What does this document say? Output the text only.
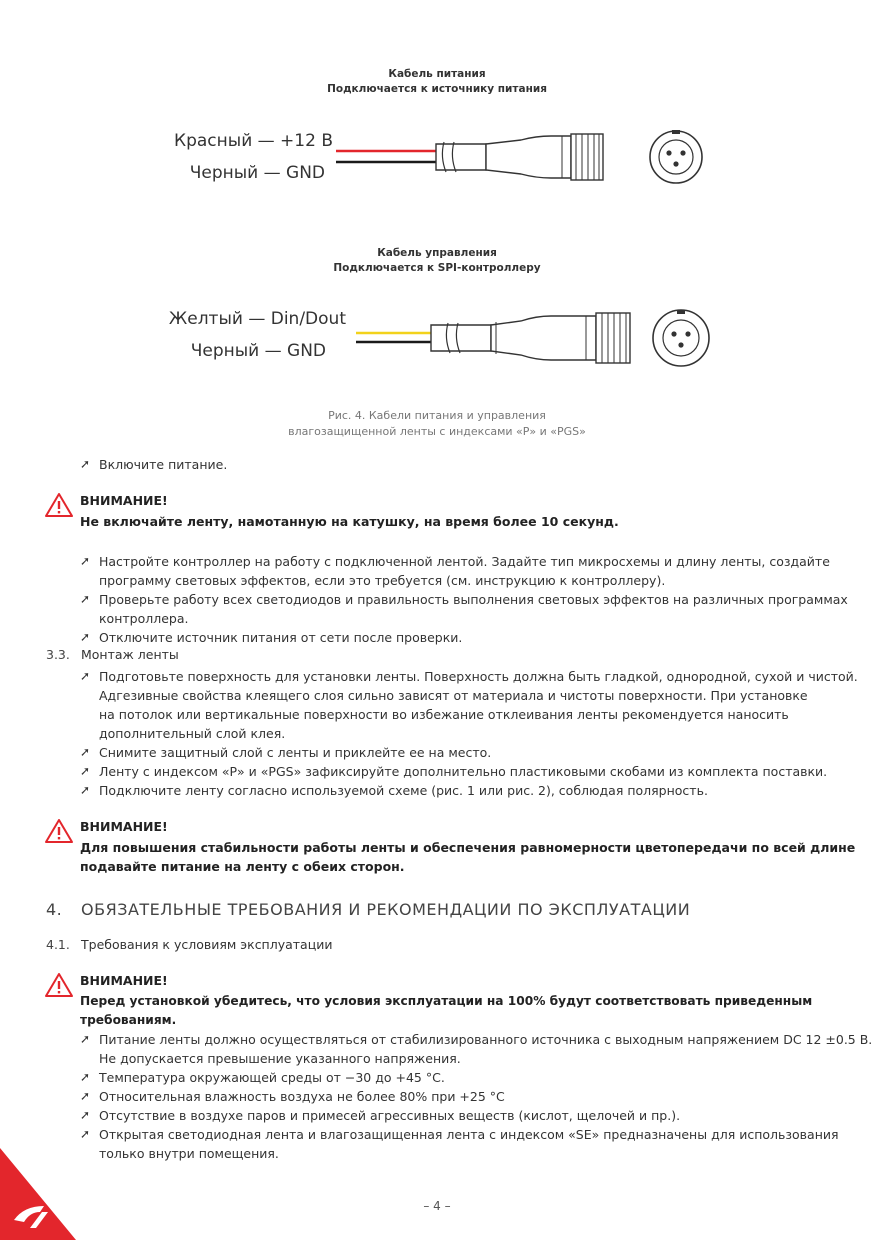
Кабель питания
Подключается к источнику питания
Красный — +12 В
Черный — GND
Кабель управления
Подключается к SPI-контроллеру
Желтый — Din/Dout
Черный — GND
Рис. 4. Кабели питания и управления
влагозащищенной ленты с индексами «P» и «PGS»
➚ Включите питание.
ВНИМАНИЕ!
Не включайте ленту, намотанную на катушку, на время более 10 секунд.
➚ Настройте контроллер на работу с подключенной лентой. Задайте тип микросхемы и длину ленты, создайте
программу световых эффектов, если это требуется (см. инструкцию к контроллеру).
➚ Проверьте работу всех светодиодов и правильность выполнения световых эффектов на различных программах
контроллера.
➚ Отключите источник питания от сети после проверки.
3.3. Монтаж ленты
➚ Подготовьте поверхность для установки ленты. Поверхность должна быть гладкой, однородной, сухой и чистой.
Адгезивные свойства клеящего слоя сильно зависят от материала и чистоты поверхности. При установке
на потолок или вертикальные поверхности во избежание отклеивания ленты рекомендуется наносить
дополнительный слой клея.
➚ Снимите защитный слой с ленты и приклейте ее на место.
➚ Ленту с индексом «P» и «PGS» зафиксируйте дополнительно пластиковыми скобами из комплекта поставки.
➚ Подключите ленту согласно используемой схеме (рис. 1 или рис. 2), соблюдая полярность.
ВНИМАНИЕ!
Для повышения стабильности работы ленты и обеспечения равномерности цветопередачи по всей длине
подавайте питание на ленту с обеих сторон.
4. ОБЯЗАТЕЛЬНЫЕ ТРЕБОВАНИЯ И РЕКОМЕНДАЦИИ ПО ЭКСПЛУАТАЦИИ
4.1. Требования к условиям эксплуатации
ВНИМАНИЕ!
Перед установкой убедитесь, что условия эксплуатации на 100% будут соответствовать приведенным требованиям.
➚ Питание ленты должно осуществляться от стабилизированного источника с выходным напряжением DC 12 ±0.5 В.
Не допускается превышение указанного напряжения.
➚ Температура окружающей среды от −30 до +45 °C.
➚ Относительная влажность воздуха не более 80% при +25 °C
➚ Отсутствие в воздухе паров и примесей агрессивных веществ (кислот, щелочей и пр.).
➚ Открытая светодиодная лента и влагозащищенная лента с индексом «SE» предназначены для использования
только внутри помещения.
– 4 –
